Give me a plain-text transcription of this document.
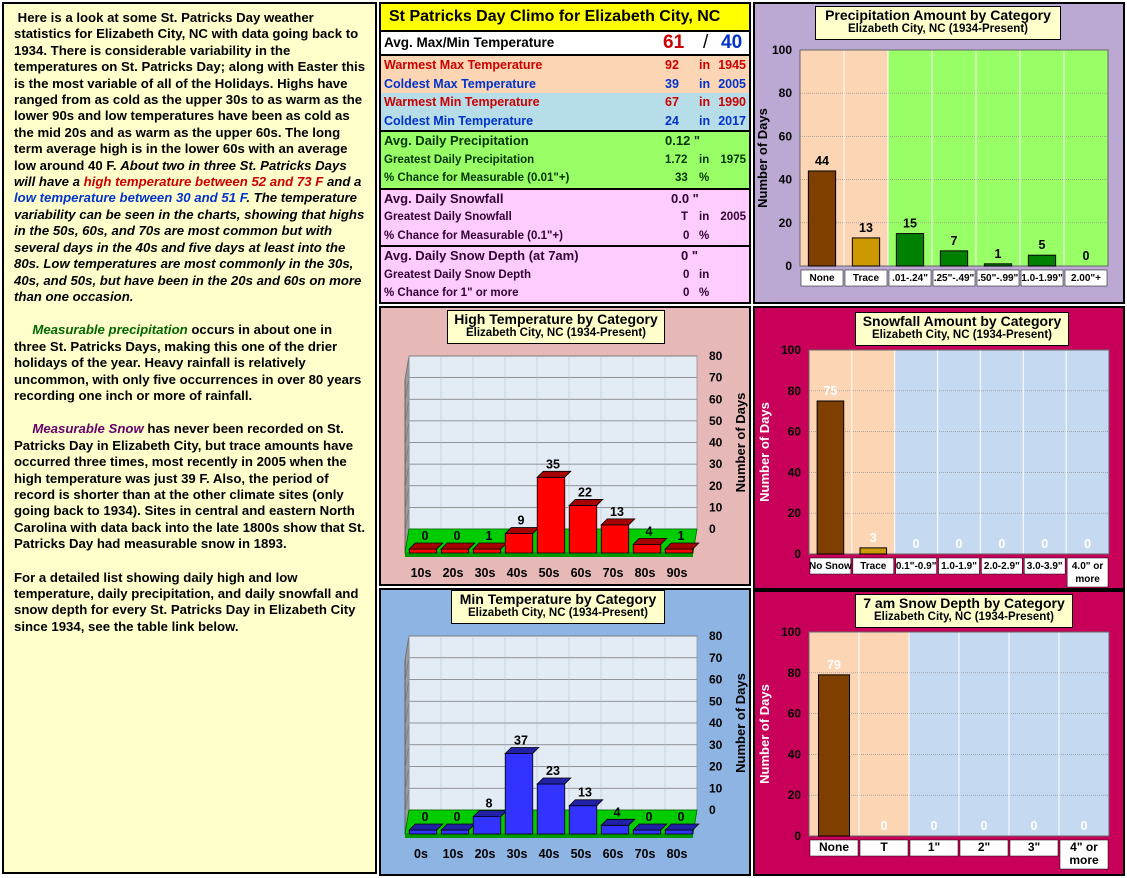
Here is a look at some St. Patricks Day weather statistics for Elizabeth City, NC with data going back to 1934. There is considerable variability in the temperatures on St. Patricks Day; along with Easter this is the most variable of all of the Holidays. Highs have ranged from as cold as the upper 30s to as warm as the lower 90s and low temperatures have been as cold as the mid 20s and as warm as the upper 60s. The long term average high is in the lower 60s with an average low around 40 F. About two in three St. Patricks Days will have a high temperature between 52 and 73 F and a low temperature between 30 and 51 F. The temperature variability can be seen in the charts, showing that highs in the 50s, 60s, and 70s are most common but with several days in the 40s and five days at least into the 80s. Low temperatures are most commonly in the 30s, 40s, and 50s, but have been in the 20s and 60s on more than one occasion.

Measurable precipitation occurs in about one in three St. Patricks Days, making this one of the drier holidays of the year. Heavy rainfall is relatively uncommon, with only five occurrences in over 80 years recording one inch or more of rainfall.

Measurable Snow has never been recorded on St. Patricks Day in Elizabeth City, but trace amounts have occurred three times, most recently in 2005 when the high temperature was just 39 F. Also, the period of record is shorter than at the other climate sites (only going back to 1934). Sites in central and eastern North Carolina with data back into the late 1800s show that St. Patricks Day had measurable snow in 1893.

For a detailed list showing daily high and low temperature, daily precipitation, and daily snowfall and snow depth for every St. Patricks Day in Elizabeth City since 1934, see the table link below.

St Patricks Day Climo for Elizabeth City, NC
Avg. Max/Min Temperature	61 / 40
Warmest Max Temperature	92 in 1945
Coldest Max Temperature	39 in 2005
Warmest Min Temperature	67 in 1990
Coldest Min Temperature	24 in 2017
Avg. Daily Precipitation	0.12 "
Greatest Daily Precipitation	1.72 in 1975
% Chance for Measurable (0.01"+)	33 %
Avg. Daily Snowfall	0.0 "
Greatest Daily Snowfall	T in 2005
% Chance for Measurable (0.1"+)	0 %
Avg. Daily Snow Depth (at 7am)	0 "
Greatest Daily Snow Depth	0 in
% Chance for 1" or more	0 %
0
20
40
60
80
100
44
None
13
Trace
15
.01-.24"
7
.25"-.49"
1
.50"-.99"
5
1.0-1.99"
0
2.00"+
Number of Days
Precipitation Amount by Category
Elizabeth City, NC (1934-Present)
0
10
20
30
40
50
60
70
80
0
10s
0
20s
1
30s
9
40s
35
50s
22
60s
13
70s
4
80s
1
90s
Number of Days
High Temperature by Category
Elizabeth City, NC (1934-Present)
0
10
20
30
40
50
60
70
80
0
0s
0
10s
8
20s
37
30s
23
40s
13
50s
4
60s
0
70s
0
80s
Number of Days
Min Temperature by Category
Elizabeth City, NC (1934-Present)
0
20
40
60
80
100
75
No Snow
3
Trace
0
0.1"-0.9"
0
1.0-1.9"
0
2.0-2.9"
0
3.0-3.9"
0
4.0" or
more
Number of Days
Snowfall Amount by Category
Elizabeth City, NC (1934-Present)
0
20
40
60
80
100
79
None
0
T
0
1"
0
2"
0
3"
0
4" or
more
Number of Days
7 am Snow Depth by Category
Elizabeth City, NC (1934-Present)
